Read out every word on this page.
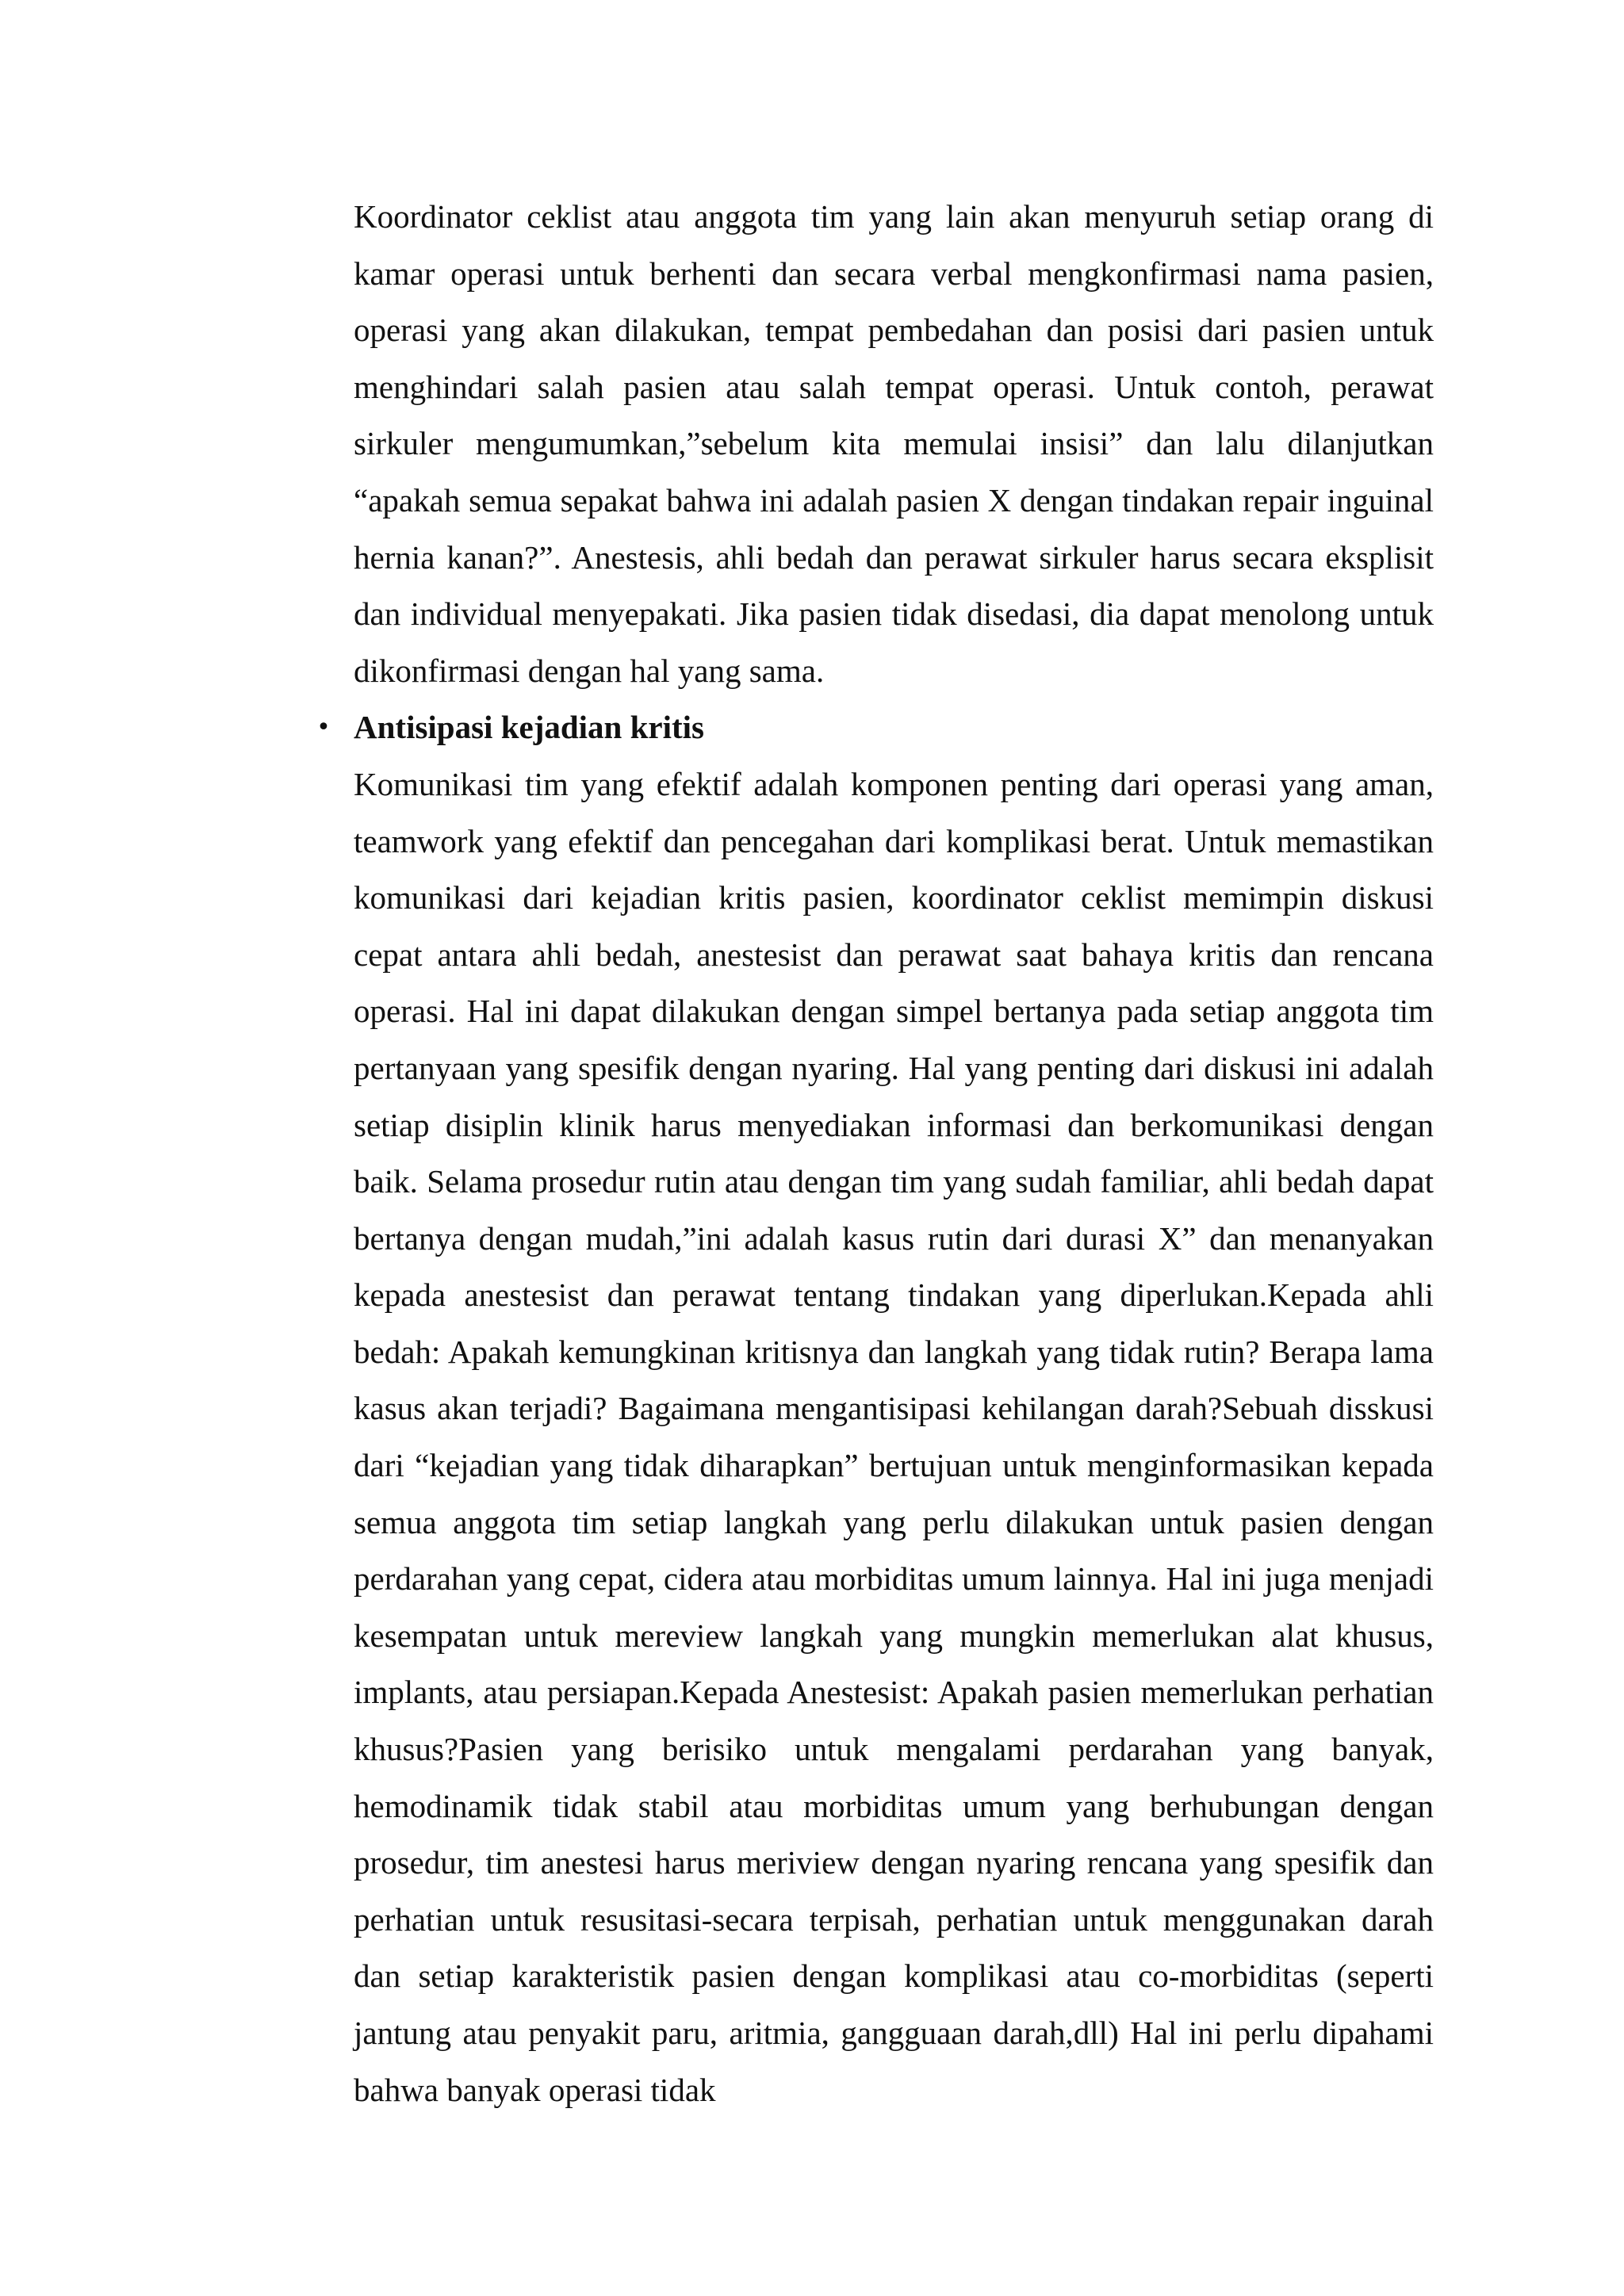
Koordinator ceklist atau anggota tim yang lain akan menyuruh setiap orang di kamar operasi untuk berhenti dan secara verbal mengkonfirmasi nama pasien, operasi yang akan dilakukan, tempat pembedahan dan posisi dari pasien untuk menghindari salah pasien atau salah tempat operasi. Untuk contoh, perawat sirkuler mengumumkan,”sebelum kita memulai insisi” dan lalu dilanjutkan “apakah semua sepakat bahwa ini adalah pasien X dengan tindakan repair inguinal hernia kanan?”. Anestesis, ahli bedah dan perawat sirkuler harus secara eksplisit dan individual menyepakati. Jika pasien tidak disedasi, dia dapat menolong untuk dikonfirmasi dengan hal yang sama.

• Antisipasi kejadian kritis

Komunikasi tim yang efektif adalah komponen penting dari operasi yang aman, teamwork yang efektif dan pencegahan dari komplikasi berat. Untuk memastikan komunikasi dari kejadian kritis pasien, koordinator ceklist memimpin diskusi cepat antara ahli bedah, anestesist dan perawat saat bahaya kritis dan rencana operasi. Hal ini dapat dilakukan dengan simpel bertanya pada setiap anggota tim pertanyaan yang spesifik dengan nyaring. Hal yang penting dari diskusi ini adalah setiap disiplin klinik harus menyediakan informasi dan berkomunikasi dengan baik. Selama prosedur rutin atau dengan tim yang sudah familiar, ahli bedah dapat bertanya dengan mudah,”ini adalah kasus rutin dari durasi X” dan menanyakan kepada anestesist dan perawat tentang tindakan yang diperlukan.Kepada ahli bedah: Apakah kemungkinan kritisnya dan langkah yang tidak rutin? Berapa lama kasus akan terjadi? Bagaimana mengantisipasi kehilangan darah?Sebuah disskusi dari “kejadian yang tidak diharapkan” bertujuan untuk menginformasikan kepada semua anggota tim setiap langkah yang perlu dilakukan untuk pasien dengan perdarahan yang cepat, cidera atau morbiditas umum lainnya. Hal ini juga menjadi kesempatan untuk mereview langkah yang mungkin memerlukan alat khusus, implants, atau persiapan.Kepada Anestesist: Apakah pasien memerlukan perhatian khusus?Pasien yang berisiko untuk mengalami perdarahan yang banyak, hemodinamik tidak stabil atau morbiditas umum yang berhubungan dengan prosedur, tim anestesi harus meriview dengan nyaring rencana yang spesifik dan perhatian untuk resusitasi-secara terpisah, perhatian untuk menggunakan darah dan setiap karakteristik pasien dengan komplikasi atau co-morbiditas (seperti jantung atau penyakit paru, aritmia, gangguaan darah,dll) Hal ini perlu dipahami bahwa banyak operasi tidak
